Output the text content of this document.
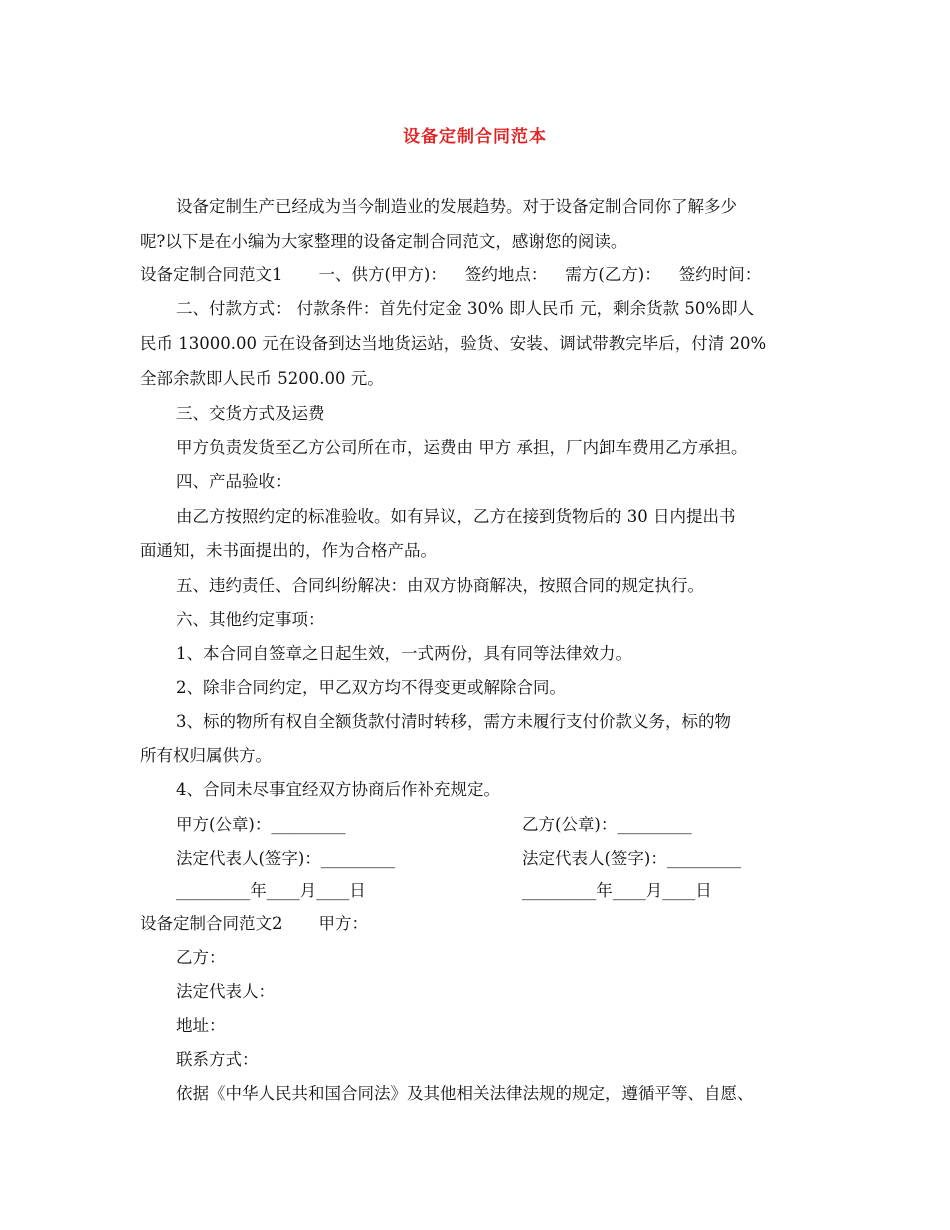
设备定制合同范本
设备定制生产已经成为当今制造业的发展趋势。对于设备定制合同你了解多少
呢?以下是在小编为大家整理的设备定制合同范文，感谢您的阅读。
设备定制合同范文1 一、供方(甲方)： 签约地点： 需方(乙方)： 签约时间：
二、付款方式： 付款条件：首先付定金 30% 即人民币 元，剩余货款 50%即人
民币 13000.00 元在设备到达当地货运站，验货、安装、调试带教完毕后，付清 20%
全部余款即人民币 5200.00 元。
三、交货方式及运费
甲方负责发货至乙方公司所在市，运费由 甲方 承担，厂内卸车费用乙方承担。
四、产品验收：
由乙方按照约定的标准验收。如有异议，乙方在接到货物后的 30 日内提出书
面通知，未书面提出的，作为合格产品。
五、违约责任、合同纠纷解决：由双方协商解决，按照合同的规定执行。
六、其他约定事项：
1、本合同自签章之日起生效，一式两份，具有同等法律效力。
2、除非合同约定，甲乙双方均不得变更或解除合同。
3、标的物所有权自全额货款付清时转移，需方未履行支付价款义务，标的物
所有权归属供方。
4、合同未尽事宜经双方协商后作补充规定。
甲方(公章)：_________	乙方(公章)：_________
法定代表人(签字)：_________	法定代表人(签字)：_________
_________年____月____日	_________年____月____日
设备定制合同范文2 甲方：
乙方：
法定代表人：
地址：
联系方式：
依据《中华人民共和国合同法》及其他相关法律法规的规定，遵循平等、自愿、
